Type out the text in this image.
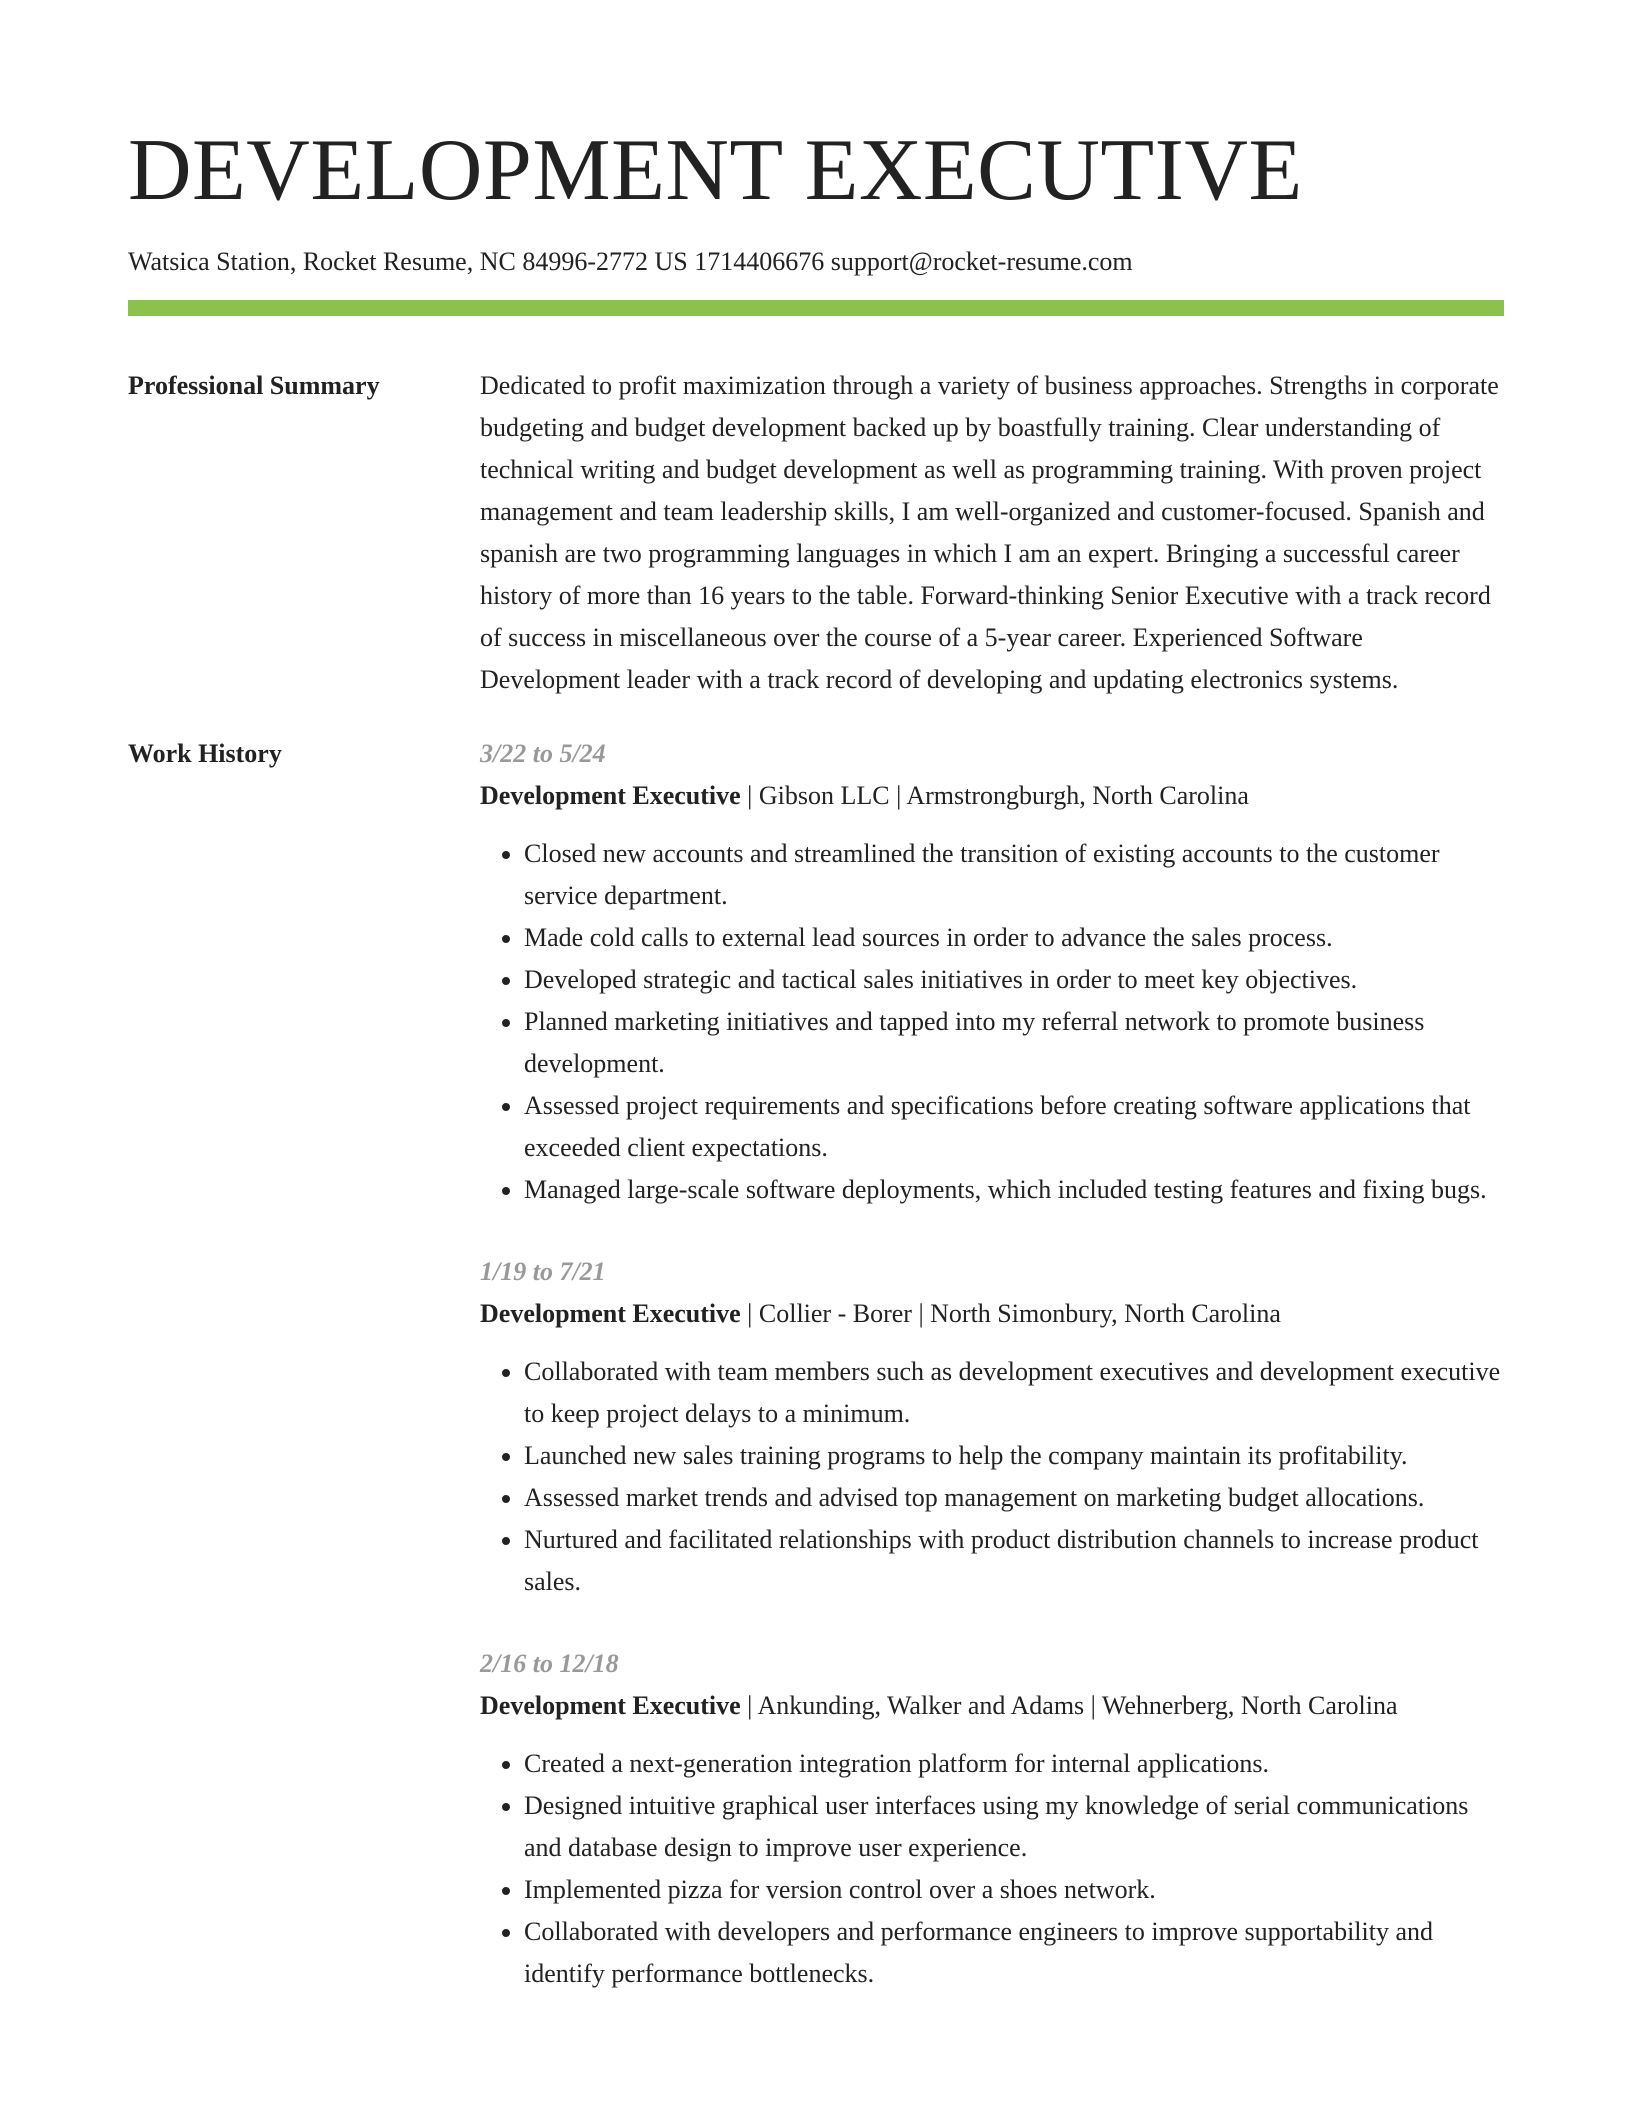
DEVELOPMENT EXECUTIVE
Watsica Station, Rocket Resume, NC 84996-2772 US 1714406676 support@rocket-resume.com
Professional Summary	Dedicated to profit maximization through a variety of business approaches. Strengths in corporate budgeting and budget development backed up by boastfully training. Clear understanding of technical writing and budget development as well as programming training. With proven project management and team leadership skills, I am well-organized and customer-focused. Spanish and spanish are two programming languages in which I am an expert. Bringing a successful career history of more than 16 years to the table. Forward-thinking Senior Executive with a track record of success in miscellaneous over the course of a 5-year career. Experienced Software Development leader with a track record of developing and updating electronics systems.

Work History	3/22 to 5/24
Development Executive | Gibson LLC | Armstrongburgh, North Carolina
• Closed new accounts and streamlined the transition of existing accounts to the customer service department.
• Made cold calls to external lead sources in order to advance the sales process.
• Developed strategic and tactical sales initiatives in order to meet key objectives.
• Planned marketing initiatives and tapped into my referral network to promote business development.
• Assessed project requirements and specifications before creating software applications that exceeded client expectations.
• Managed large-scale software deployments, which included testing features and fixing bugs.
1/19 to 7/21
Development Executive | Collier - Borer | North Simonbury, North Carolina
• Collaborated with team members such as development executives and development executive to keep project delays to a minimum.
• Launched new sales training programs to help the company maintain its profitability.
• Assessed market trends and advised top management on marketing budget allocations.
• Nurtured and facilitated relationships with product distribution channels to increase product sales.
2/16 to 12/18
Development Executive | Ankunding, Walker and Adams | Wehnerberg, North Carolina
• Created a next-generation integration platform for internal applications.
• Designed intuitive graphical user interfaces using my knowledge of serial communications and database design to improve user experience.
• Implemented pizza for version control over a shoes network.
• Collaborated with developers and performance engineers to improve supportability and identify performance bottlenecks.
